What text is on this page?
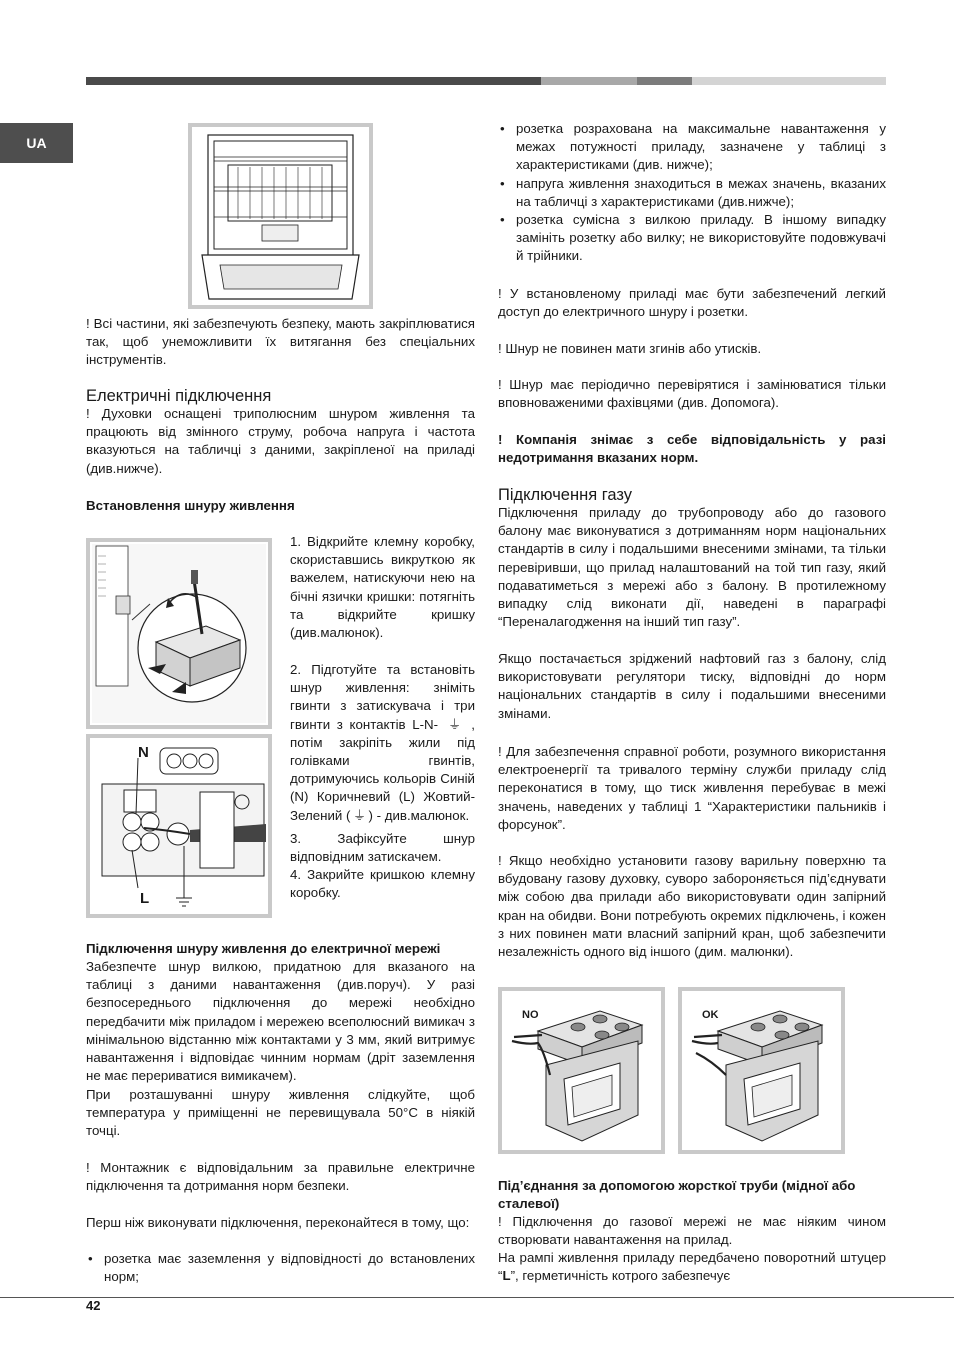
UA

! Всі частини, які забезпечують безпеку, мають закріплюватися так, щоб унеможливити їх витягання без спеціальних інструментів.

Електричні підключення

! Духовки оснащені триполюсним шнуром живлення та працюють від змінного струму, робоча напруга і частота вказуються на табличці з даними, закріпленої на приладі (див.нижче).

Встановлення шнуру живлення
N
L

1. Відкрийте клемну коробку, скориставшись викруткою як важелем, натискуючи нею на бічні язички кришки: потягніть та відкрийте кришку (див.малюнок).

2. Підготуйте та встановіть шнур живлення: зніміть гвинти з затискувача і три гвинти з контактів L-N- ⏚ , потім закріпіть жили під голівками гвинтів, дотримуючись кольорів Синій (N) Коричневий (L) Жовтий-Зелений ( ⏚ ) - див.малюнок.

3. Зафіксуйте шнур відповідним затискачем.

4. Закрийте кришкою клемну коробку.

Підключення шнуру живлення до електричної мережі

Забезпечте шнур вилкою, придатною для вказаного на таблиці з даними навантаження (див.поруч). У разі безпосереднього підключення до мережі необхідно передбачити між приладом і мережею всеполюсний вимикач з мінімальною відстанню між контактами у 3 мм, який витримує навантаження і відповідає чинним нормам (дріт заземлення не має перериватися вимикачем).

При розташуванні шнуру живлення слідкуйте, щоб температура у приміщенні не перевищувала 50°C в ніякій точці.

! Монтажник є відповідальним за правильне електричне підключення та дотримання норм безпеки.

Перш ніж виконувати підключення, переконайтеся в тому, що:

• розетка має заземлення у відповідності до встановлених норм;
• розетка розрахована на максимальне навантаження у межах потужності приладу, зазначене у таблиці з характеристиками (див. нижче);
• напруга живлення знаходиться в межах значень, вказаних на табличці з характеристиками (див.нижче);
• розетка сумісна з вилкою приладу. В іншому випадку замініть розетку або вилку; не використовуйте подовжувачі й трійники.

! У встановленому приладі має бути забезпечений легкий доступ до електричного шнуру і розетки.

! Шнур не повинен мати згинів або утисків.

! Шнур має періодично перевірятися і замінюватися тільки вповноваженими фахівцями (див. Допомога).

! Компанія знімає з себе відповідальність у разі недотримання вказаних норм.

Підключення газу

Підключення приладу до трубопроводу або до газового балону має виконуватися з дотриманням норм національних стандартів в силу і подальшими внесеними змінами, та тільки перевіривши, що прилад налаштований на той тип газу, який подаватиметься з мережі або з балону. В протилежному випадку слід виконати дії, наведені в параграфі “Переналагодження на інший тип газу”.

Якщо постачається зріджений нафтовий газ з балону, слід використовувати регулятори тиску, відповідні до норм національних стандартів в силу і подальшими внесеними змінами.

! Для забезпечення справної роботи, розумного використання електроенергії та тривалого терміну служби приладу слід переконатися в тому, що тиск живлення перебуває в межі значень, наведених у таблиці 1 “Характеристики пальників і форсунок”.

! Якщо необхідно установити газову варильну поверхню та вбудовану газову духовку, суворо забороняється під’єднувати між собою два прилади або використовувати один запірний кран на обидви. Вони потребують окремих підключень, і кожен з них повинен мати власний запірний кран, щоб забезпечити незалежність одного від іншого (дим. малюнки).

NO	OK
Під’єднання за допомогою жорсткої труби (мідної або сталевої)

! Підключення до газової мережі не має ніяким чином створювати навантаження на прилад.

На рампі живлення приладу передбачено поворотний штуцер “L”, герметичність котрого забезпечує

42
